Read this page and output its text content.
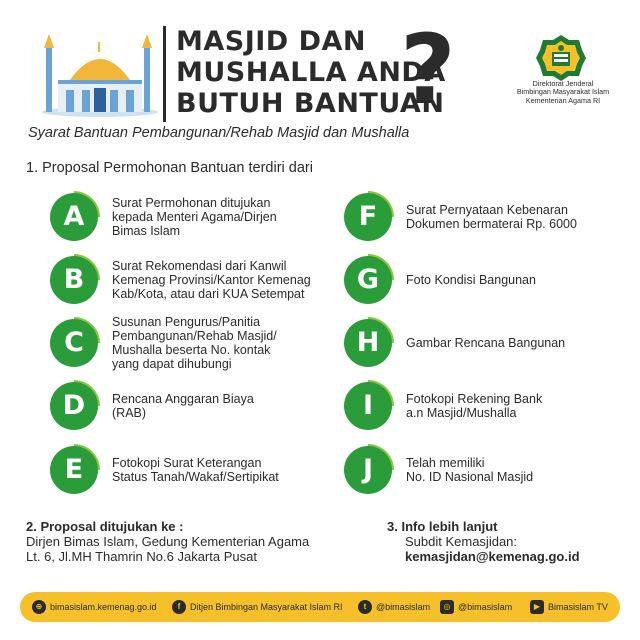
MASJID DAN
MUSHALLA ANDA
BUTUH BANTUAN
?	Direktorat Jenderal
Bimbingan Masyarakat Islam
Kementerian Agama RI
Syarat Bantuan Pembangunan/Rehab Masjid dan Mushalla
1. Proposal Permohonan Bantuan terdiri dari
A	Surat Permohonan ditujukan
kepada Menteri Agama/Dirjen
Bimas Islam
B	Surat Rekomendasi dari Kanwil
Kemenag Provinsi/Kantor Kemenag
Kab/Kota, atau dari KUA Setempat
C
Susunan Pengurus/Panitia
Pembangunan/Rehab Masjid/
Mushalla beserta No. kontak
yang dapat dihubungi
D	Rencana Anggaran Biaya
(RAB)
E	Fotokopi Surat Keterangan
Status Tanah/Wakaf/Sertipikat
F	Surat Pernyataan Kebenaran
Dokumen bermaterai Rp. 6000
G	Foto Kondisi Bangunan
H	Gambar Rencana Bangunan
I	Fotokopi Rekening Bank
a.n Masjid/Mushalla
J	Telah memiliki
No. ID Nasional Masjid
2. Proposal ditujukan ke :
Dirjen Bimas Islam, Gedung Kementerian Agama
Lt. 6, Jl.MH Thamrin No.6 Jakarta Pusat
3. Info lebih lanjut
Subdit Kemasjidan:
kemasjidan@kemenag.go.id
⊕ bimasislam.kemenag.go.id	f	Ditjen Bimbingan Masyarakat Islam RI	t	@bimasislam	◎ @bimasislam	▶ Bimasislam TV
